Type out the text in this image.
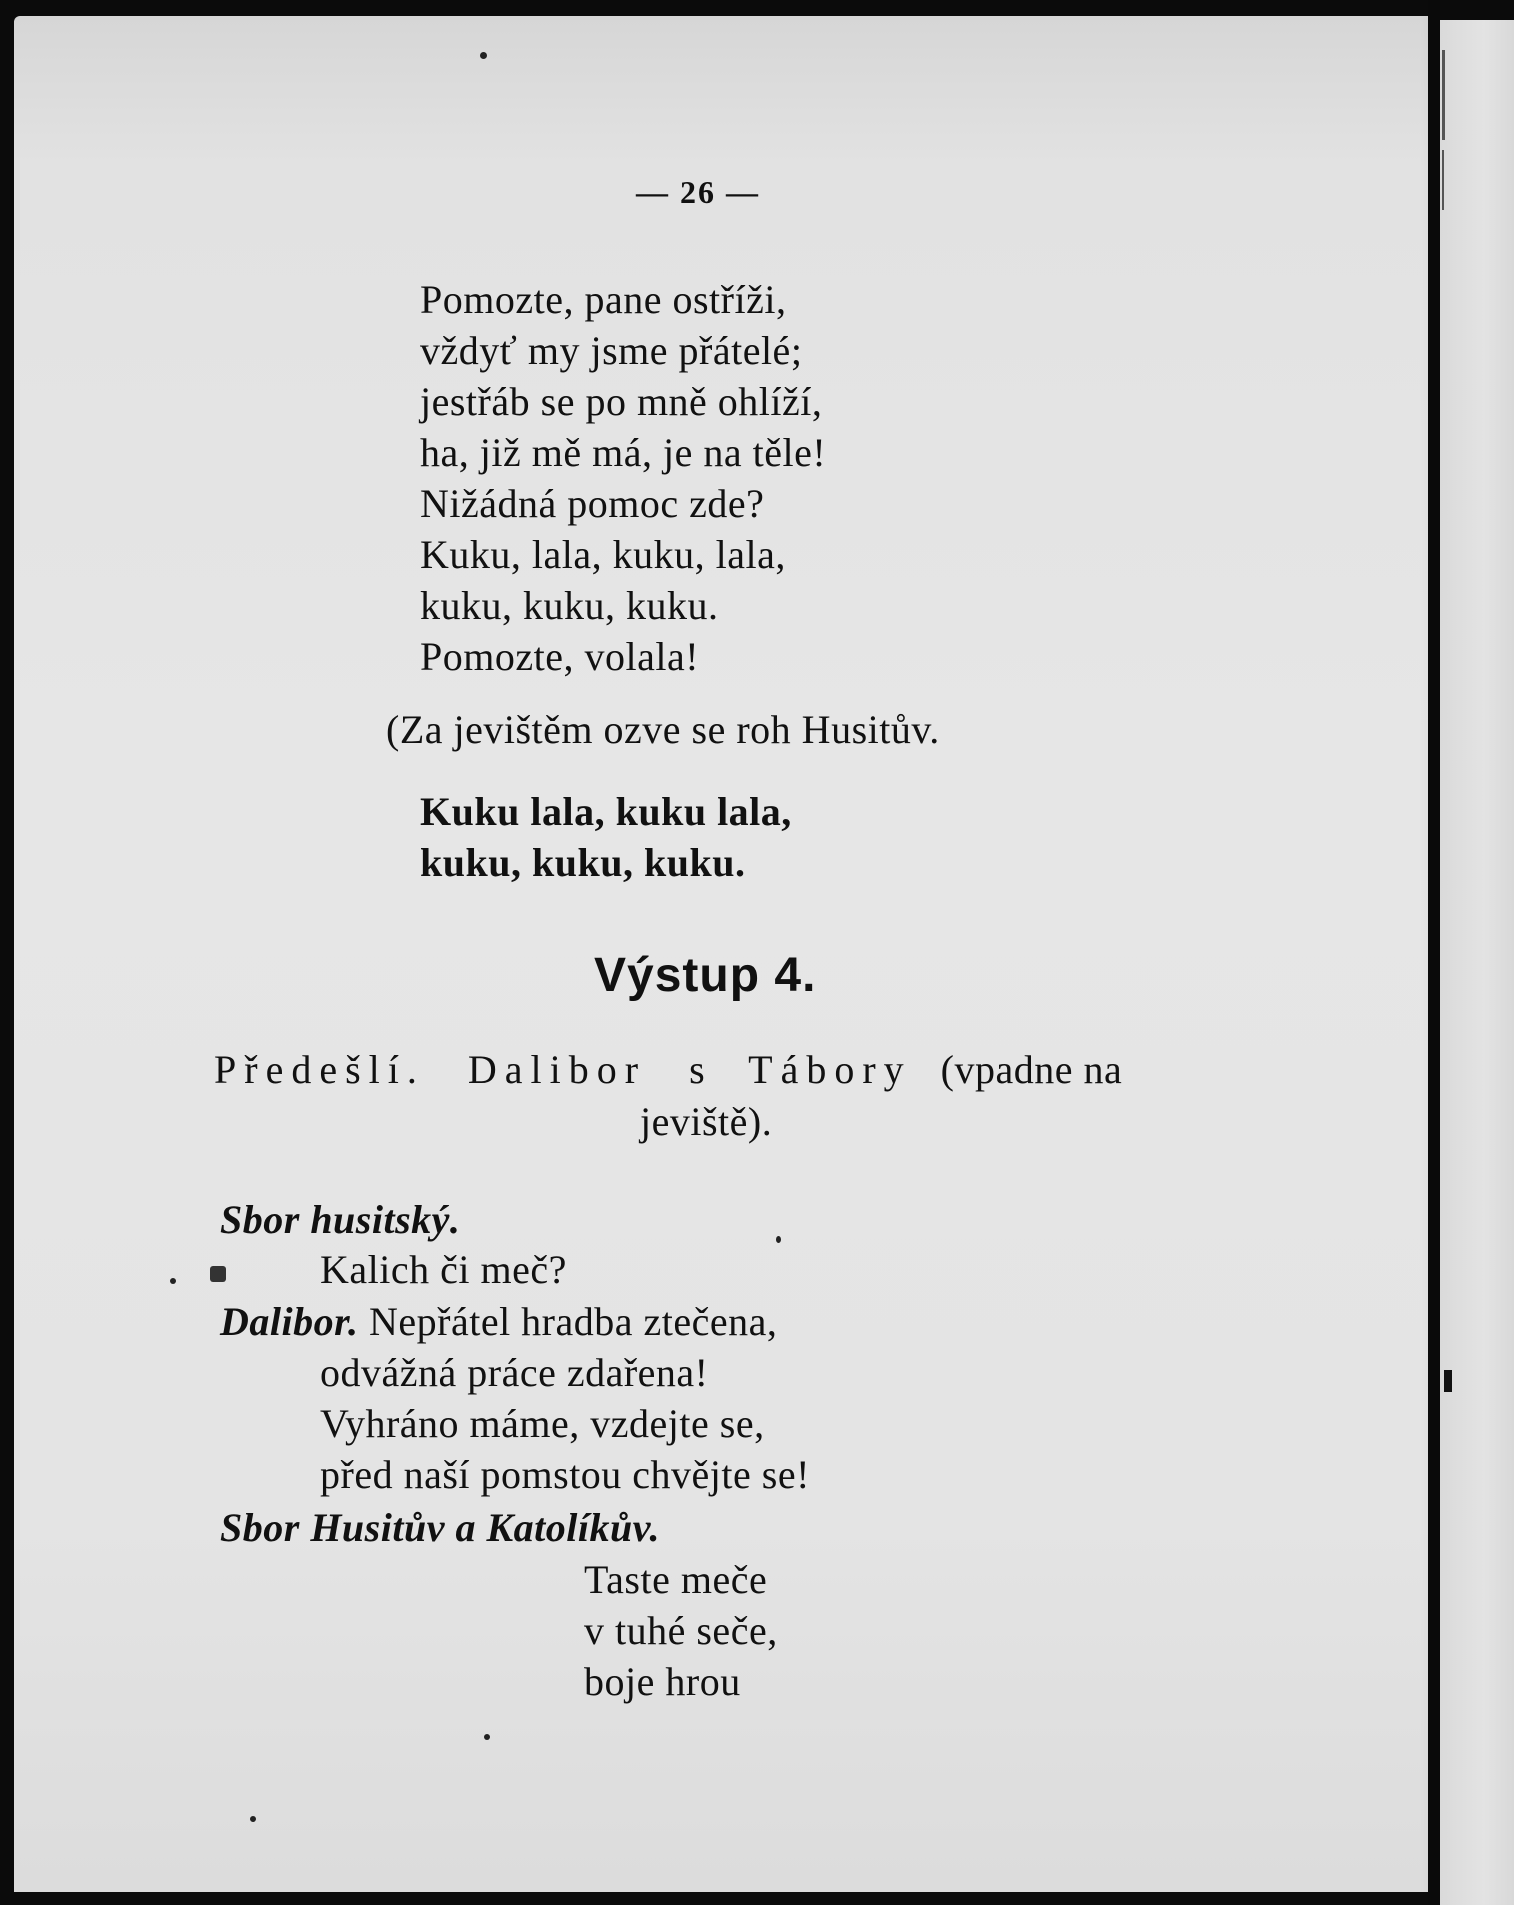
— 26 —
Pomozte, pane ostříži,
vždyť my jsme přátelé;
jestřáb se po mně ohlíží,
ha, již mě má, je na těle!
Nižádná pomoc zde?
Kuku, lala, kuku, lala,
kuku, kuku, kuku.
Pomozte, volala!
(Za jevištěm ozve se roh Husitův.
Kuku lala, kuku lala,
kuku, kuku, kuku.
Výstup 4.
Předešlí. Dalibor s Tábory (vpadne na
jeviště).
Sbor husitský.
Kalich či meč?
Dalibor. Nepřátel hradba ztečena,
odvážná práce zdařena!
Vyhráno máme, vzdejte se,
před naší pomstou chvějte se!
Sbor Husitův a Katolíkův.
Taste meče
v tuhé seče,
boje hrou
